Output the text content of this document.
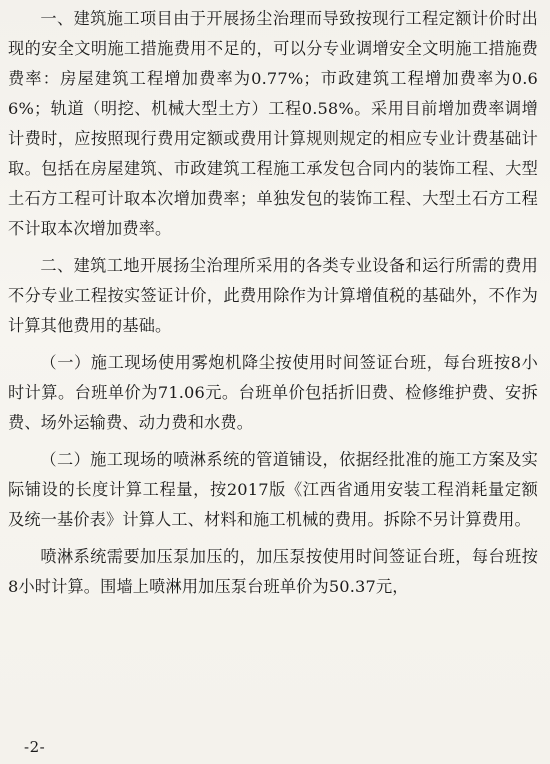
一、建筑施工项目由于开展扬尘治理而导致按现行工程定额计价时出现的安全文明施工措施费用不足的，可以分专业调增安全文明施工措施费费率：房屋建筑工程增加费率为0.77%；市政建筑工程增加费率为0.66%；轨道（明挖、机械大型土方）工程0.58%。采用目前增加费率调增计费时，应按照现行费用定额或费用计算规则规定的相应专业计费基础计取。包括在房屋建筑、市政建筑工程施工承发包合同内的装饰工程、大型土石方工程可计取本次增加费率；单独发包的装饰工程、大型土石方工程不计取本次增加费率。

二、建筑工地开展扬尘治理所采用的各类专业设备和运行所需的费用不分专业工程按实签证计价，此费用除作为计算增值税的基础外，不作为计算其他费用的基础。

（一）施工现场使用雾炮机降尘按使用时间签证台班，每台班按8小时计算。台班单价为71.06元。台班单价包括折旧费、检修维护费、安拆费、场外运输费、动力费和水费。

（二）施工现场的喷淋系统的管道铺设，依据经批准的施工方案及实际铺设的长度计算工程量，按2017版《江西省通用安装工程消耗量定额及统一基价表》计算人工、材料和施工机械的费用。拆除不另计算费用。

喷淋系统需要加压泵加压的，加压泵按使用时间签证台班，每台班按8小时计算。围墙上喷淋用加压泵台班单价为50.37元，

-2-
